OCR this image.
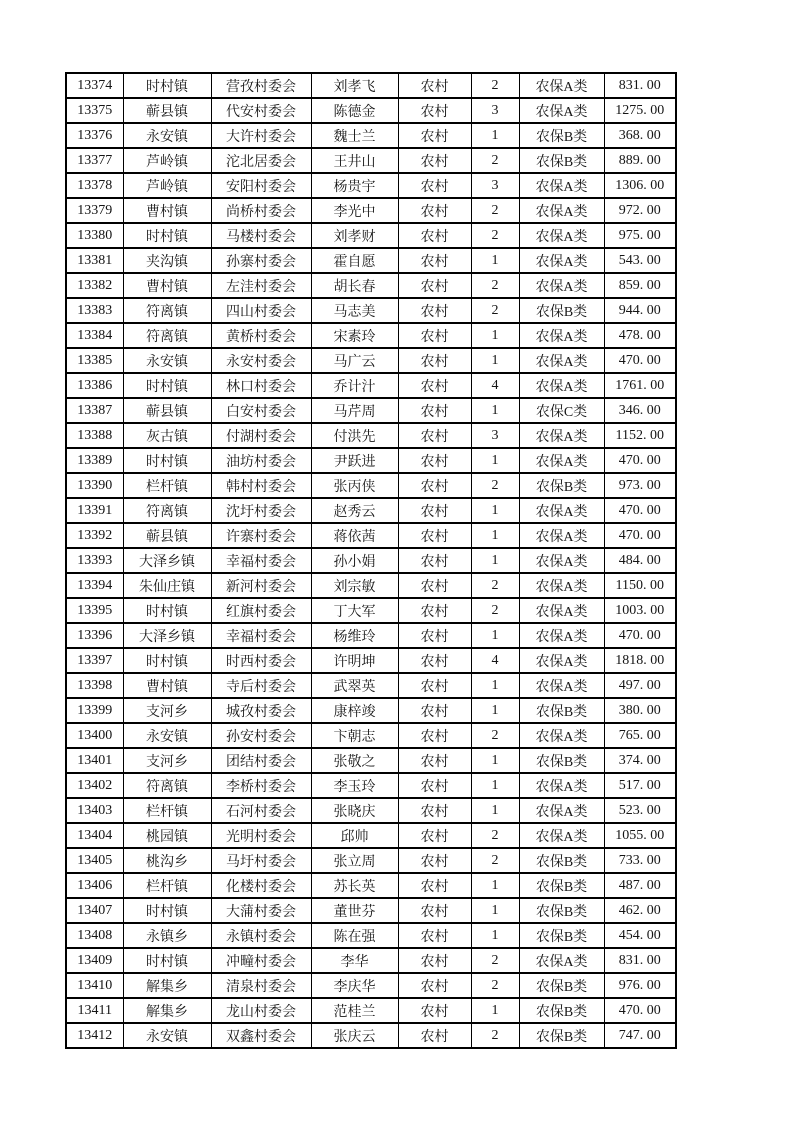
13374	时村镇	营孜村委会	刘孝飞	农村	2	农保A类	831. 00
13375	蕲县镇	代安村委会	陈德金	农村	3	农保A类	1275. 00
13376	永安镇	大许村委会	魏士兰	农村	1	农保B类	368. 00
13377	芦岭镇	沱北居委会	王井山	农村	2	农保B类	889. 00
13378	芦岭镇	安阳村委会	杨贵宇	农村	3	农保A类	1306. 00
13379	曹村镇	尚桥村委会	李光中	农村	2	农保A类	972. 00
13380	时村镇	马楼村委会	刘孝财	农村	2	农保A类	975. 00
13381	夹沟镇	孙寨村委会	霍自愿	农村	1	农保A类	543. 00
13382	曹村镇	左洼村委会	胡长春	农村	2	农保A类	859. 00
13383	符离镇	四山村委会	马志美	农村	2	农保B类	944. 00
13384	符离镇	黄桥村委会	宋素玲	农村	1	农保A类	478. 00
13385	永安镇	永安村委会	马广云	农村	1	农保A类	470. 00
13386	时村镇	林口村委会	乔计汁	农村	4	农保A类	1761. 00
13387	蕲县镇	白安村委会	马芹周	农村	1	农保C类	346. 00
13388	灰古镇	付湖村委会	付洪先	农村	3	农保A类	1152. 00
13389	时村镇	油坊村委会	尹跃进	农村	1	农保A类	470. 00
13390	栏杆镇	韩村村委会	张丙侠	农村	2	农保B类	973. 00
13391	符离镇	沈圩村委会	赵秀云	农村	1	农保A类	470. 00
13392	蕲县镇	许寨村委会	蒋依茜	农村	1	农保A类	470. 00
13393	大泽乡镇	幸福村委会	孙小娟	农村	1	农保A类	484. 00
13394	朱仙庄镇	新河村委会	刘宗敏	农村	2	农保A类	1150. 00
13395	时村镇	红旗村委会	丁大军	农村	2	农保A类	1003. 00
13396	大泽乡镇	幸福村委会	杨维玲	农村	1	农保A类	470. 00
13397	时村镇	时西村委会	许明坤	农村	4	农保A类	1818. 00
13398	曹村镇	寺后村委会	武翠英	农村	1	农保A类	497. 00
13399	支河乡	城孜村委会	康梓竣	农村	1	农保B类	380. 00
13400	永安镇	孙安村委会	卞朝志	农村	2	农保A类	765. 00
13401	支河乡	团结村委会	张敬之	农村	1	农保B类	374. 00
13402	符离镇	李桥村委会	李玉玲	农村	1	农保A类	517. 00
13403	栏杆镇	石河村委会	张晓庆	农村	1	农保A类	523. 00
13404	桃园镇	光明村委会	邱帅	农村	2	农保A类	1055. 00
13405	桃沟乡	马圩村委会	张立周	农村	2	农保B类	733. 00
13406	栏杆镇	化楼村委会	苏长英	农村	1	农保B类	487. 00
13407	时村镇	大蒲村委会	董世芬	农村	1	农保B类	462. 00
13408	永镇乡	永镇村委会	陈在强	农村	1	农保B类	454. 00
13409	时村镇	冲疃村委会	李华	农村	2	农保A类	831. 00
13410	解集乡	清泉村委会	李庆华	农村	2	农保B类	976. 00
13411	解集乡	龙山村委会	范桂兰	农村	1	农保B类	470. 00
13412	永安镇	双鑫村委会	张庆云	农村	2	农保B类	747. 00
